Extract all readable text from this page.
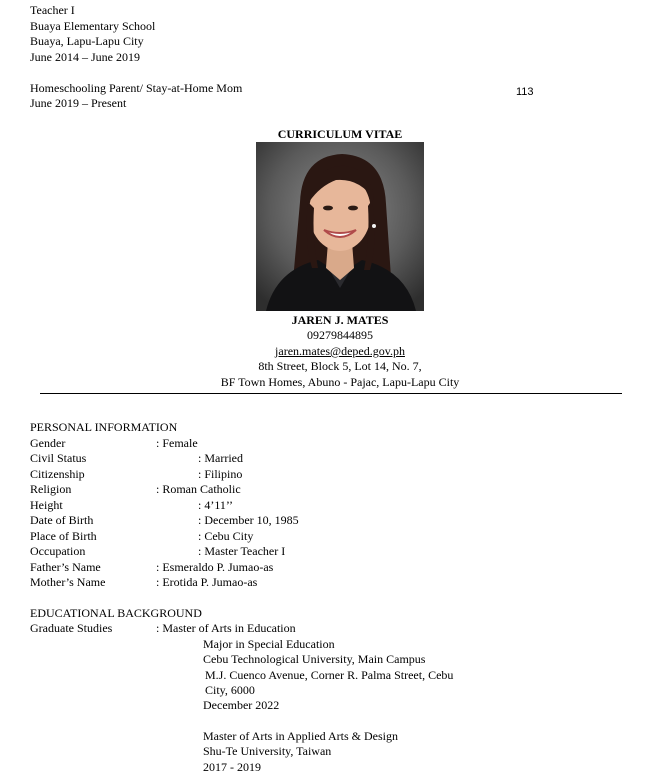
Teacher I
Buaya Elementary School
Buaya, Lapu-Lapu City
June 2014 – June 2019
Homeschooling Parent/ Stay-at-Home Mom
June 2019 – Present
113
CURRICULUM VITAE
JAREN J. MATES
09279844895
jaren.mates@deped.gov.ph
8th Street, Block 5, Lot 14, No. 7,
BF Town Homes, Abuno - Pajac, Lapu-Lapu City
PERSONAL INFORMATION
Gender	: Female
Civil Status	: Married
Citizenship	: Filipino
Religion	: Roman Catholic
Height	: 4’11’’
Date of Birth	: December 10, 1985
Place of Birth	: Cebu City
Occupation	: Master Teacher I
Father’s Name	: Esmeraldo P. Jumao-as
Mother’s Name	: Erotida P. Jumao-as
EDUCATIONAL BACKGROUND
Graduate Studies	: Master of Arts in Education
Major in Special Education
Cebu Technological University, Main Campus
M.J. Cuenco Avenue, Corner R. Palma Street, Cebu
City, 6000
December 2022
Master of Arts in Applied Arts & Design
Shu-Te University, Taiwan
2017 - 2019
